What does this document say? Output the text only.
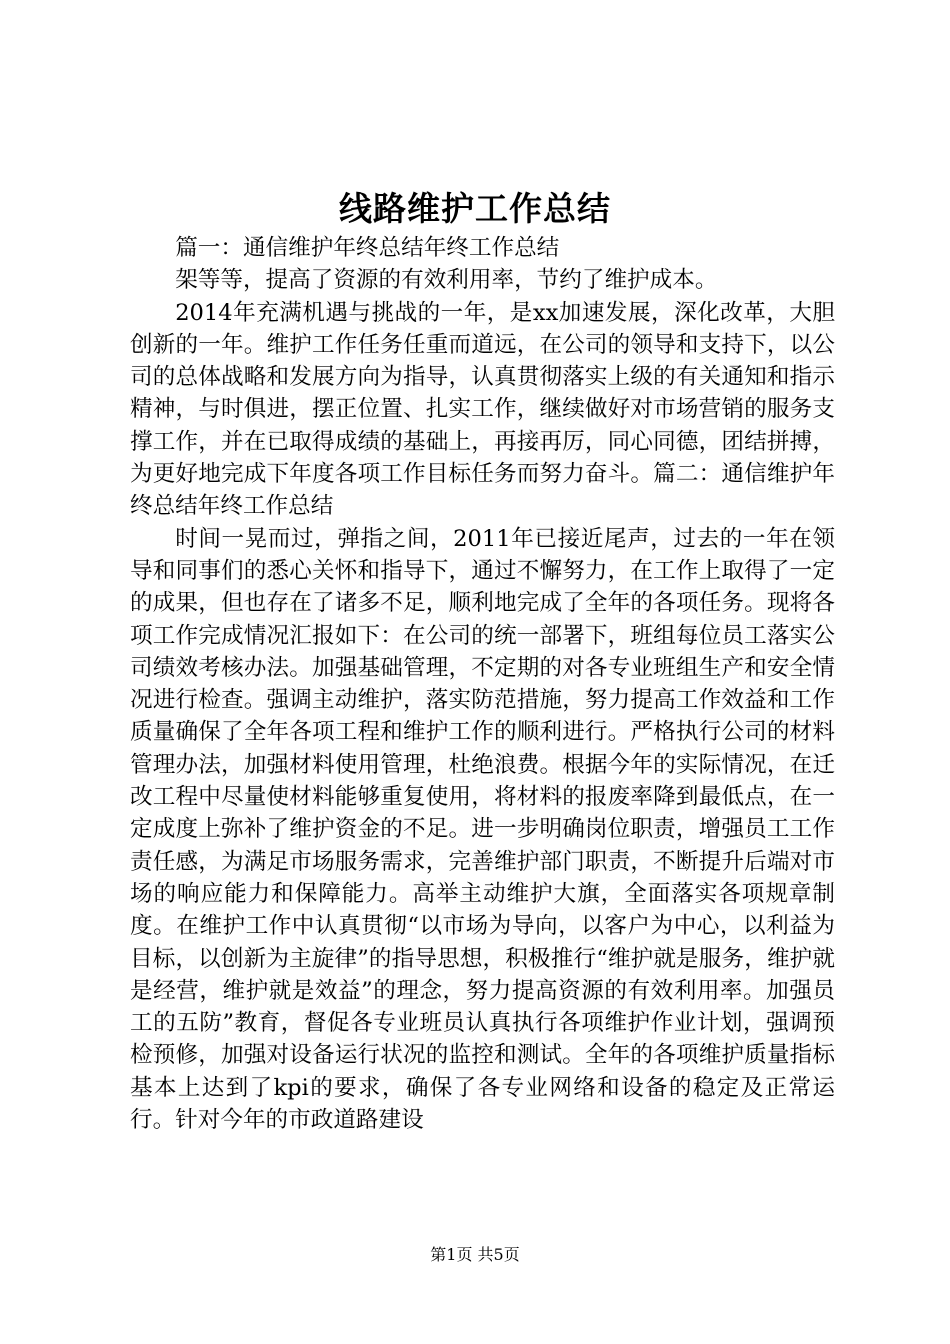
线路维护工作总结

篇一：通信维护年终总结年终工作总结

架等等，提高了资源的有效利用率，节约了维护成本。

2014年充满机遇与挑战的一年，是xx加速发展，深化改革，大胆创新的一年。维护工作任务任重而道远，在公司的领导和支持下，以公司的总体战略和发展方向为指导，认真贯彻落实上级的有关通知和指示精神，与时俱进，摆正位置、扎实工作，继续做好对市场营销的服务支撑工作，并在已取得成绩的基础上，再接再厉，同心同德，团结拼搏，为更好地完成下年度各项工作目标任务而努力奋斗。篇二：通信维护年终总结年终工作总结

时间一晃而过，弹指之间，2011年已接近尾声，过去的一年在领导和同事们的悉心关怀和指导下，通过不懈努力，在工作上取得了一定的成果，但也存在了诸多不足，顺利地完成了全年的各项任务。现将各项工作完成情况汇报如下：在公司的统一部署下，班组每位员工落实公司绩效考核办法。加强基础管理，不定期的对各专业班组生产和安全情况进行检查。强调主动维护，落实防范措施，努力提高工作效益和工作质量确保了全年各项工程和维护工作的顺利进行。严格执行公司的材料管理办法，加强材料使用管理，杜绝浪费。根据今年的实际情况，在迁改工程中尽量使材料能够重复使用，将材料的报废率降到最低点，在一定成度上弥补了维护资金的不足。进一步明确岗位职责，增强员工工作责任感，为满足市场服务需求，完善维护部门职责，不断提升后端对市场的响应能力和保障能力。高举主动维护大旗，全面落实各项规章制度。在维护工作中认真贯彻“以市场为导向，以客户为中心，以利益为目标，以创新为主旋律”的指导思想，积极推行“维护就是服务，维护就是经营，维护就是效益”的理念，努力提高资源的有效利用率。加强员工的五防”教育，督促各专业班员认真执行各项维护作业计划，强调预检预修，加强对设备运行状况的监控和测试。全年的各项维护质量指标基本上达到了kpi的要求，确保了各专业网络和设备的稳定及正常运行。针对今年的市政道路建设

第1页 共5页
